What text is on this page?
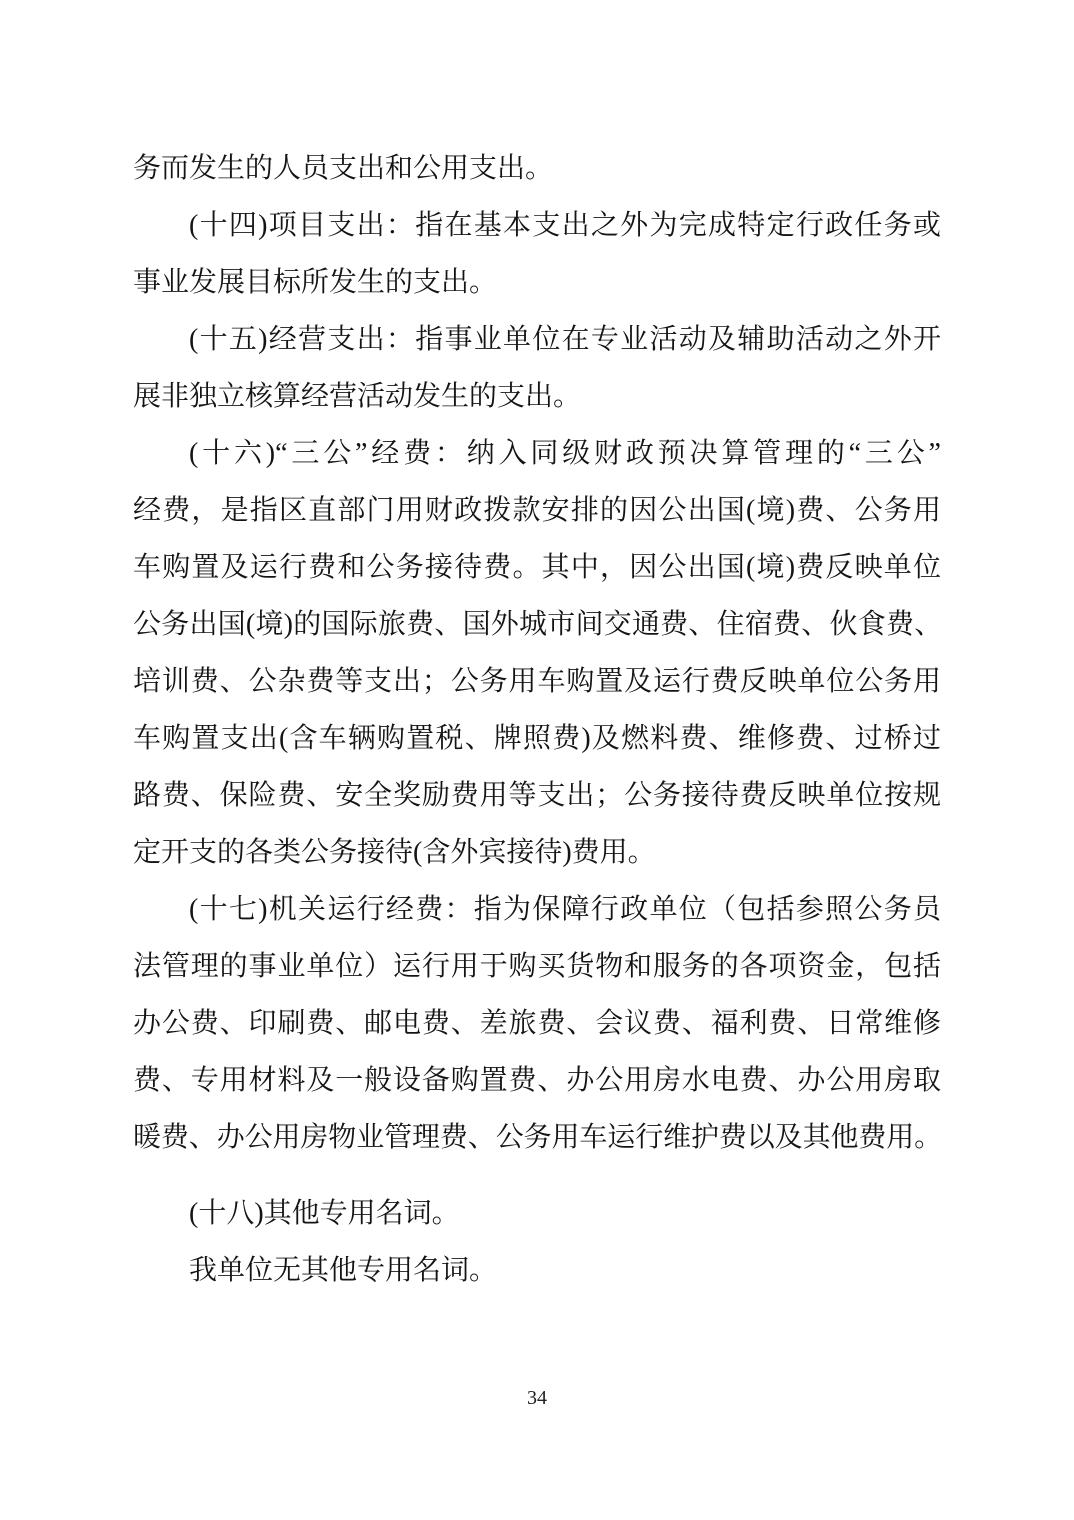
务而发生的人员支出和公用支出。
(十四)项目支出：指在基本支出之外为完成特定行政任务或
事业发展目标所发生的支出。
(十五)经营支出：指事业单位在专业活动及辅助活动之外开
展非独立核算经营活动发生的支出。
(十六)“三公”经费：纳入同级财政预决算管理的“三公”
经费，是指区直部门用财政拨款安排的因公出国(境)费、公务用
车购置及运行费和公务接待费。其中，因公出国(境)费反映单位
公务出国(境)的国际旅费、国外城市间交通费、住宿费、伙食费、
培训费、公杂费等支出；公务用车购置及运行费反映单位公务用
车购置支出(含车辆购置税、牌照费)及燃料费、维修费、过桥过
路费、保险费、安全奖励费用等支出；公务接待费反映单位按规
定开支的各类公务接待(含外宾接待)费用。
(十七)机关运行经费：指为保障行政单位（包括参照公务员
法管理的事业单位）运行用于购买货物和服务的各项资金，包括
办公费、印刷费、邮电费、差旅费、会议费、福利费、日常维修
费、专用材料及一般设备购置费、办公用房水电费、办公用房取
暖费、办公用房物业管理费、公务用车运行维护费以及其他费用。
(十八)其他专用名词。
我单位无其他专用名词。
34
